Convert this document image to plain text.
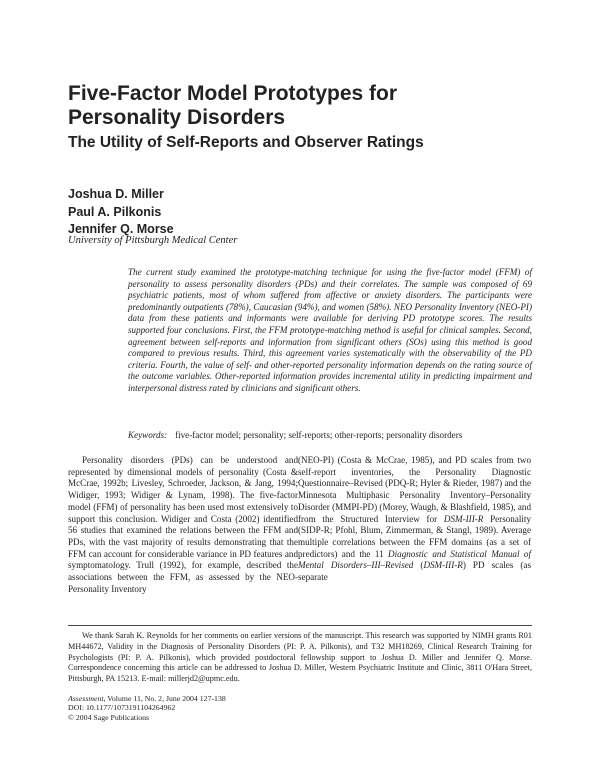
Five-Factor Model Prototypes for
Personality Disorders
The Utility of Self-Reports and Observer Ratings
Joshua D. Miller
Paul A. Pilkonis
Jennifer Q. Morse
University of Pittsburgh Medical Center
The current study examined the prototype-matching technique for using the five-factor model (FFM) of personality to assess personality disorders (PDs) and their correlates. The sample was composed of 69 psychiatric patients, most of whom suffered from affective or anxiety disorders. The participants were predominantly outpatients (78%), Caucasian (94%), and women (58%). NEO Personality Inventory (NEO-PI) data from these patients and informants were available for deriving PD prototype scores. The results supported four conclusions. First, the FFM prototype-matching method is useful for clinical samples. Second, agreement between self-reports and information from significant others (SOs) using this method is good compared to previous results. Third, this agreement varies systematically with the observability of the PD criteria. Fourth, the value of self- and other-reported personality information depends on the rating source of the outcome variables. Other-reported information provides incremental utility in predicting impairment and interpersonal distress rated by clinicians and significant others.
Keywords: five-factor model; personality; self-reports; other-reports; personality disorders
Personality disorders (PDs) can be understood and represented by dimensional models of personality (Costa & McCrae, 1992b; Livesley, Schroeder, Jackson, & Jang, 1994; Widiger, 1993; Widiger & Lynam, 1998). The five-factor model (FFM) of personality has been used most extensively to support this conclusion. Widiger and Costa (2002) identified 56 studies that examined the relations between the FFM and PDs, with the vast majority of results demonstrating that the FFM can account for considerable variance in PD features and symptomatology. Trull (1992), for example, described the associations between the FFM, as assessed by the NEO-Personality Inventory
(NEO-PI) (Costa & McCrae, 1985), and PD scales from two self-report inventories, the Personality Diagnostic Questionnaire–Revised (PDQ-R; Hyler & Rieder, 1987) and the Minnesota Multiphasic Personality Inventory–Personality Disorder (MMPI-PD) (Morey, Waugh, & Blashfield, 1985), and from the Structured Interview for DSM-III-R Personality (SIDP-R; Pfohl, Blum, Zimmerman, & Stangl, 1989). Average multiple correlations between the FFM domains (as a set of predictors) and the 11 Diagnostic and Statistical Manual of Mental Disorders–III–Revised (DSM-III-R) PD scales (as separate
We thank Sarah K. Reynolds for her comments on earlier versions of the manuscript. This research was supported by NIMH grants R01 MH44672, Validity in the Diagnosis of Personality Disorders (PI: P. A. Pilkonis), and T32 MH18269, Clinical Research Training for Psychologists (PI: P. A. Pilkonis), which provided postdoctoral fellowship support to Joshua D. Miller and Jennifer Q. Morse. Correspondence concerning this article can be addressed to Joshua D. Miller, Western Psychiatric Institute and Clinic, 3811 O'Hara Street, Pittsburgh, PA 15213. E-mail: millerjd2@upmc.edu.
Assessment, Volume 11, No. 2, June 2004 127-138
DOI: 10.1177/1073191104264962
© 2004 Sage Publications
